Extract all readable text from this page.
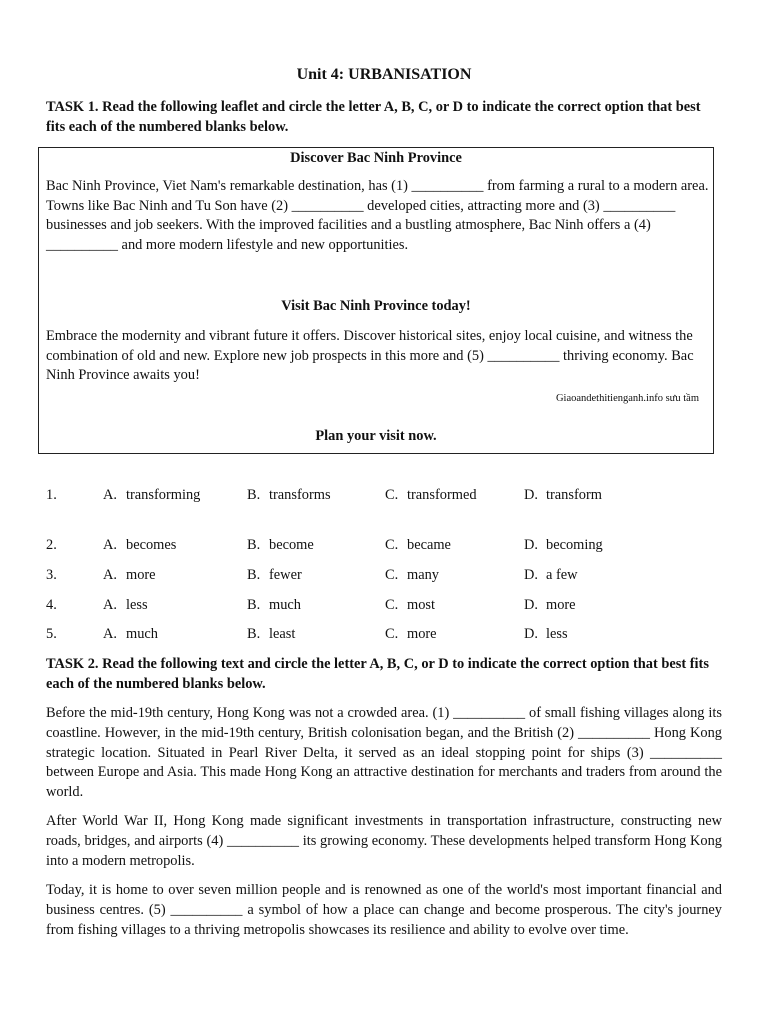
Unit 4: URBANISATION
TASK 1. Read the following leaflet and circle the letter A, B, C, or D to indicate the correct option that best fits each of the numbered blanks below.
Discover Bac Ninh Province
Bac Ninh Province, Viet Nam's remarkable destination, has (1) __________ from farming a rural to a modern area. Towns like Bac Ninh and Tu Son have (2) __________ developed cities, attracting more and (3) __________ businesses and job seekers. With the improved facilities and a bustling atmosphere, Bac Ninh offers a (4) __________ and more modern lifestyle and new opportunities.
Visit Bac Ninh Province today!
Embrace the modernity and vibrant future it offers. Discover historical sites, enjoy local cuisine, and witness the combination of old and new. Explore new job prospects in this more and (5) __________ thriving economy. Bac Ninh Province awaits you!
Giaoandethitienganh.info sưu tầm
Plan your visit now.
1.	A. transforming	B. transforms	C. transformed	D. transform
2.	A. becomes	B. become	C. became	D. becoming
3.	A. more	B. fewer	C. many	D. a few
4.	A. less	B. much	C. most	D. more
5.	A. much	B. least	C. more	D. less
TASK 2. Read the following text and circle the letter A, B, C, or D to indicate the correct option that best fits each of the numbered blanks below.
Before the mid-19th century, Hong Kong was not a crowded area. (1) __________ of small fishing villages along its coastline. However, in the mid-19th century, British colonisation began, and the British (2) __________ Hong Kong strategic location. Situated in Pearl River Delta, it served as an ideal stopping point for ships (3) __________ between Europe and Asia. This made Hong Kong an attractive destination for merchants and traders from around the world.
After World War II, Hong Kong made significant investments in transportation infrastructure, constructing new roads, bridges, and airports (4) __________ its growing economy. These developments helped transform Hong Kong into a modern metropolis.
Today, it is home to over seven million people and is renowned as one of the world's most important financial and business centres. (5) __________ a symbol of how a place can change and become prosperous. The city's journey from fishing villages to a thriving metropolis showcases its resilience and ability to evolve over time.
